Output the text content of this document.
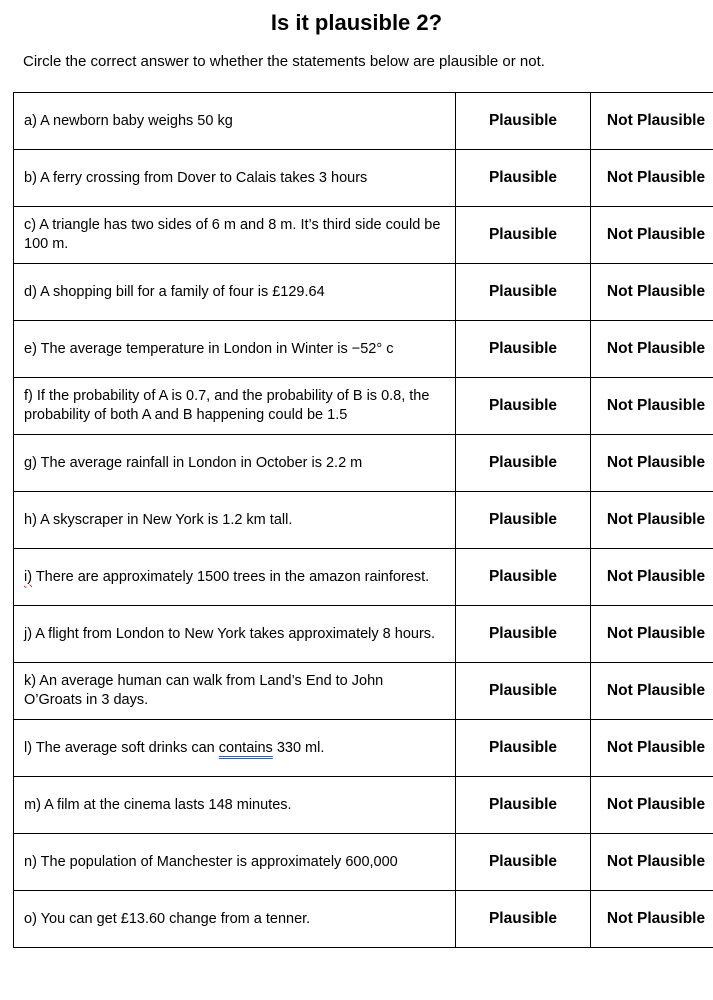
Is it plausible 2?
Circle the correct answer to whether the statements below are plausible or not.
a) A newborn baby weighs 50 kg	Plausible	Not Plausible
b) A ferry crossing from Dover to Calais takes 3 hours	Plausible	Not Plausible
c) A triangle has two sides of 6 m and 8 m. It’s third side could be 100 m.	Plausible	Not Plausible
d) A shopping bill for a family of four is £129.64	Plausible	Not Plausible
e) The average temperature in London in Winter is −52° c	Plausible	Not Plausible
f) If the probability of A is 0.7, and the probability of B is 0.8, the probability of both A and B happening could be 1.5	Plausible	Not Plausible
g) The average rainfall in London in October is 2.2 m	Plausible	Not Plausible
h) A skyscraper in New York is 1.2 km tall.	Plausible	Not Plausible
i) There are approximately 1500 trees in the amazon rainforest.	Plausible	Not Plausible
j) A flight from London to New York takes approximately 8 hours.	Plausible	Not Plausible
k) An average human can walk from Land’s End to John O’Groats in 3 days.	Plausible	Not Plausible
l) The average soft drinks can contains 330 ml.	Plausible	Not Plausible
m) A film at the cinema lasts 148 minutes.	Plausible	Not Plausible
n) The population of Manchester is approximately 600,000	Plausible	Not Plausible
o) You can get £13.60 change from a tenner.	Plausible	Not Plausible
